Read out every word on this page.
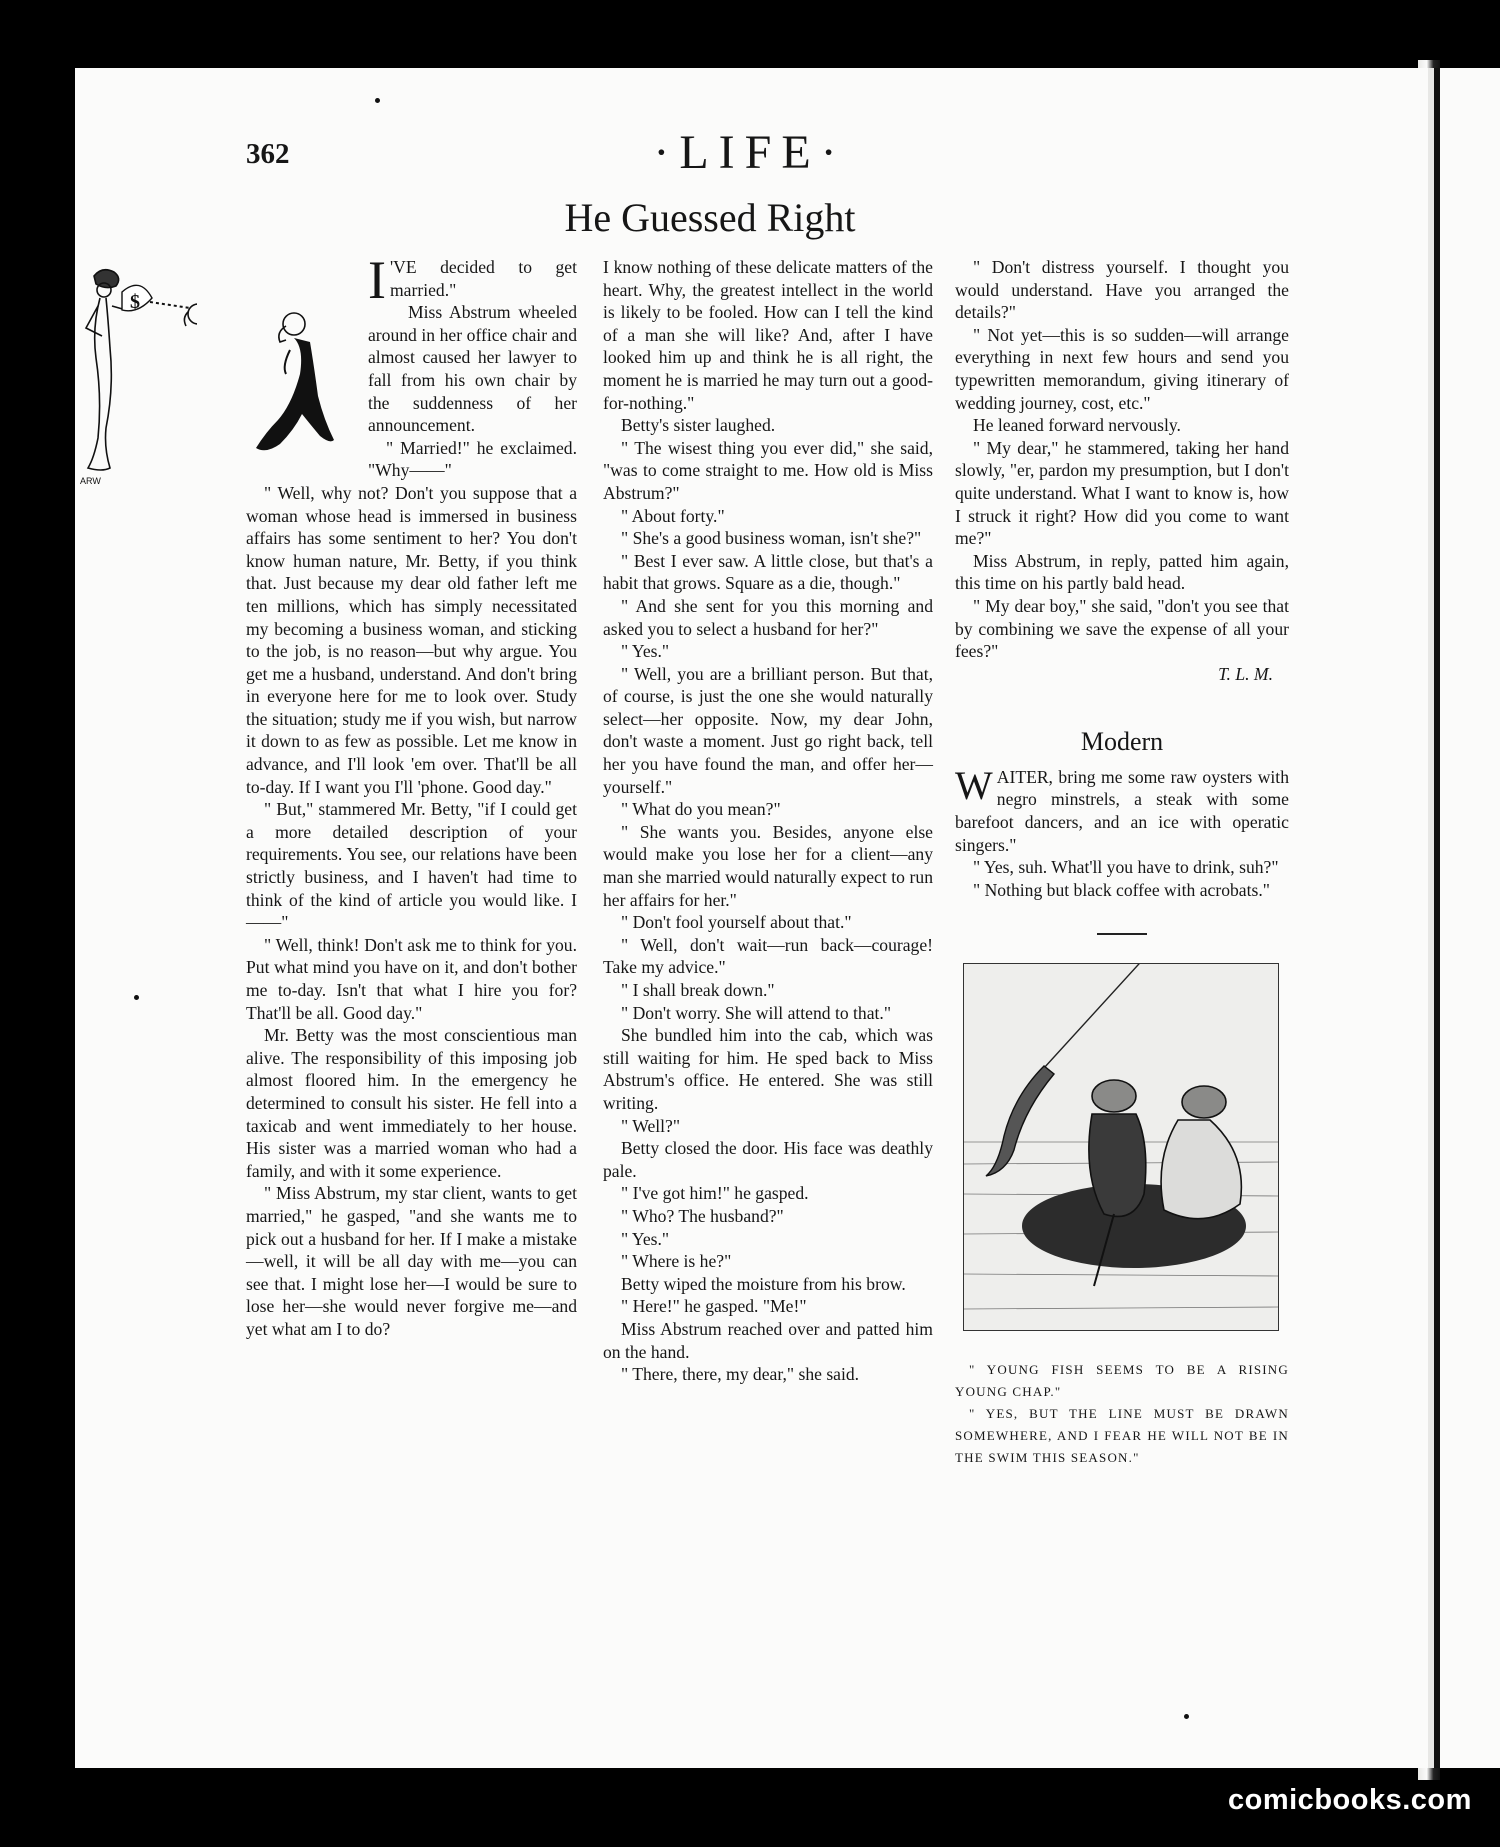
362	·LIFE·
He Guessed Right
$
ARW

I 'VE decided to get married."

Miss Abstrum wheeled around in her office chair and almost caused her lawyer to fall from his own chair by the suddenness of her announcement.

" Married!" he exclaimed. "Why——"

" Well, why not? Don't you suppose that a woman whose head is immersed in business affairs has some sentiment to her? You don't know human nature, Mr. Betty, if you think that. Just because my dear old father left me ten millions, which has simply necessitated my becoming a business woman, and sticking to the job, is no reason—but why argue. You get me a husband, understand. And don't bring in everyone here for me to look over. Study the situation; study me if you wish, but narrow it down to as few as possible. Let me know in advance, and I'll look 'em over. That'll be all to-day. If I want you I'll 'phone. Good day."

" But," stammered Mr. Betty, "if I could get a more detailed description of your requirements. You see, our relations have been strictly business, and I haven't had time to think of the kind of article you would like. I——"

" Well, think! Don't ask me to think for you. Put what mind you have on it, and don't bother me to-day. Isn't that what I hire you for? That'll be all. Good day."

Mr. Betty was the most conscientious man alive. The responsibility of this imposing job almost floored him. In the emergency he determined to consult his sister. He fell into a taxicab and went immediately to her house. His sister was a married woman who had a family, and with it some experience.

" Miss Abstrum, my star client, wants to get married," he gasped, "and she wants me to pick out a husband for her. If I make a mistake—well, it will be all day with me—you can see that. I might lose her—I would be sure to lose her—she would never forgive me—and yet what am I to do?

I know nothing of these delicate matters of the heart. Why, the greatest intellect in the world is likely to be fooled. How can I tell the kind of a man she will like? And, after I have looked him up and think he is all right, the moment he is married he may turn out a good-for-nothing."

Betty's sister laughed.

" The wisest thing you ever did," she said, "was to come straight to me. How old is Miss Abstrum?"

" About forty."

" She's a good business woman, isn't she?"

" Best I ever saw. A little close, but that's a habit that grows. Square as a die, though."

" And she sent for you this morning and asked you to select a husband for her?"

" Yes."

" Well, you are a brilliant person. But that, of course, is just the one she would naturally select—her opposite. Now, my dear John, don't waste a moment. Just go right back, tell her you have found the man, and offer her—yourself."

" What do you mean?"

" She wants you. Besides, anyone else would make you lose her for a client—any man she married would naturally expect to run her affairs for her."

" Don't fool yourself about that."

" Well, don't wait—run back—courage! Take my advice."

" I shall break down."

" Don't worry. She will attend to that."

She bundled him into the cab, which was still waiting for him. He sped back to Miss Abstrum's office. He entered. She was still writing.

" Well?"

Betty closed the door. His face was deathly pale.

" I've got him!" he gasped.

" Who? The husband?"

" Yes."

" Where is he?"

Betty wiped the moisture from his brow.

" Here!" he gasped. "Me!"

Miss Abstrum reached over and patted him on the hand.

" There, there, my dear," she said.

" Don't distress yourself. I thought you would understand. Have you arranged the details?"

" Not yet—this is so sudden—will arrange everything in next few hours and send you typewritten memorandum, giving itinerary of wedding journey, cost, etc."

He leaned forward nervously.

" My dear," he stammered, taking her hand slowly, "er, pardon my presumption, but I don't quite understand. What I want to know is, how I struck it right? How did you come to want me?"

Miss Abstrum, in reply, patted him again, this time on his partly bald head.

" My dear boy," she said, "don't you see that by combining we save the expense of all your fees?"

T. L. M.
Modern

WAITER, bring me some raw oysters with negro minstrels, a steak with some barefoot dancers, and an ice with operatic singers."

" Yes, suh. What'll you have to drink, suh?"

" Nothing but black coffee with acrobats."

" YOUNG FISH SEEMS TO BE A RISING YOUNG CHAP."

" YES, BUT THE LINE MUST BE DRAWN SOMEWHERE, AND I FEAR HE WILL NOT BE IN THE SWIM THIS SEASON."

comicbooks.com
